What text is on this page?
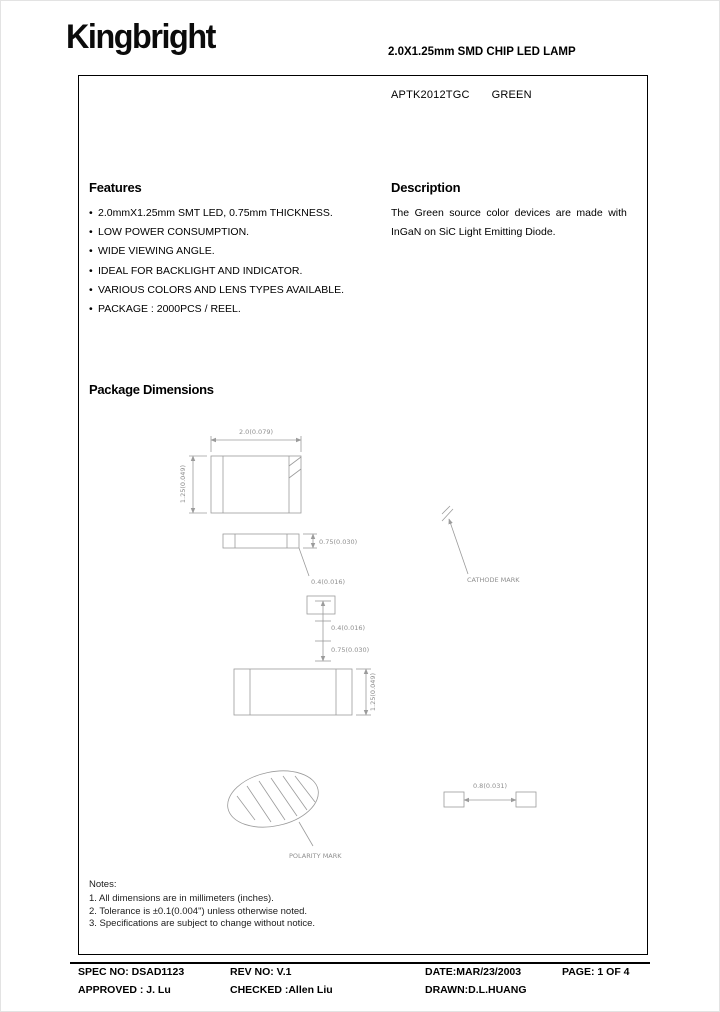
Kingbright	2.0X1.25mm SMD CHIP LED LAMP
APTK2012TGC GREEN
Features
• 2.0mmX1.25mm SMT LED, 0.75mm THICKNESS.
• LOW POWER CONSUMPTION.
• WIDE VIEWING ANGLE.
• IDEAL FOR BACKLIGHT AND INDICATOR.
• VARIOUS COLORS AND LENS TYPES AVAILABLE.
• PACKAGE : 2000PCS / REEL.
Description
The Green source color devices are made with
InGaN on SiC Light Emitting Diode.
Package Dimensions
2.0(0.079)
1.25(0.049)
0.75(0.030)
0.4(0.016)
0.4(0.016)
0.75(0.030)
1.25(0.049)
CATHODE MARK
POLARITY MARK
0.8(0.031)
Notes:
1. All dimensions are in millimeters (inches).
2. Tolerance is ±0.1(0.004") unless otherwise noted.
3. Specifications are subject to change without notice.
SPEC NO: DSAD1123	REV NO: V.1	DATE:MAR/23/2003	PAGE: 1 OF 4
APPROVED : J. Lu	CHECKED :Allen Liu	DRAWN:D.L.HUANG
